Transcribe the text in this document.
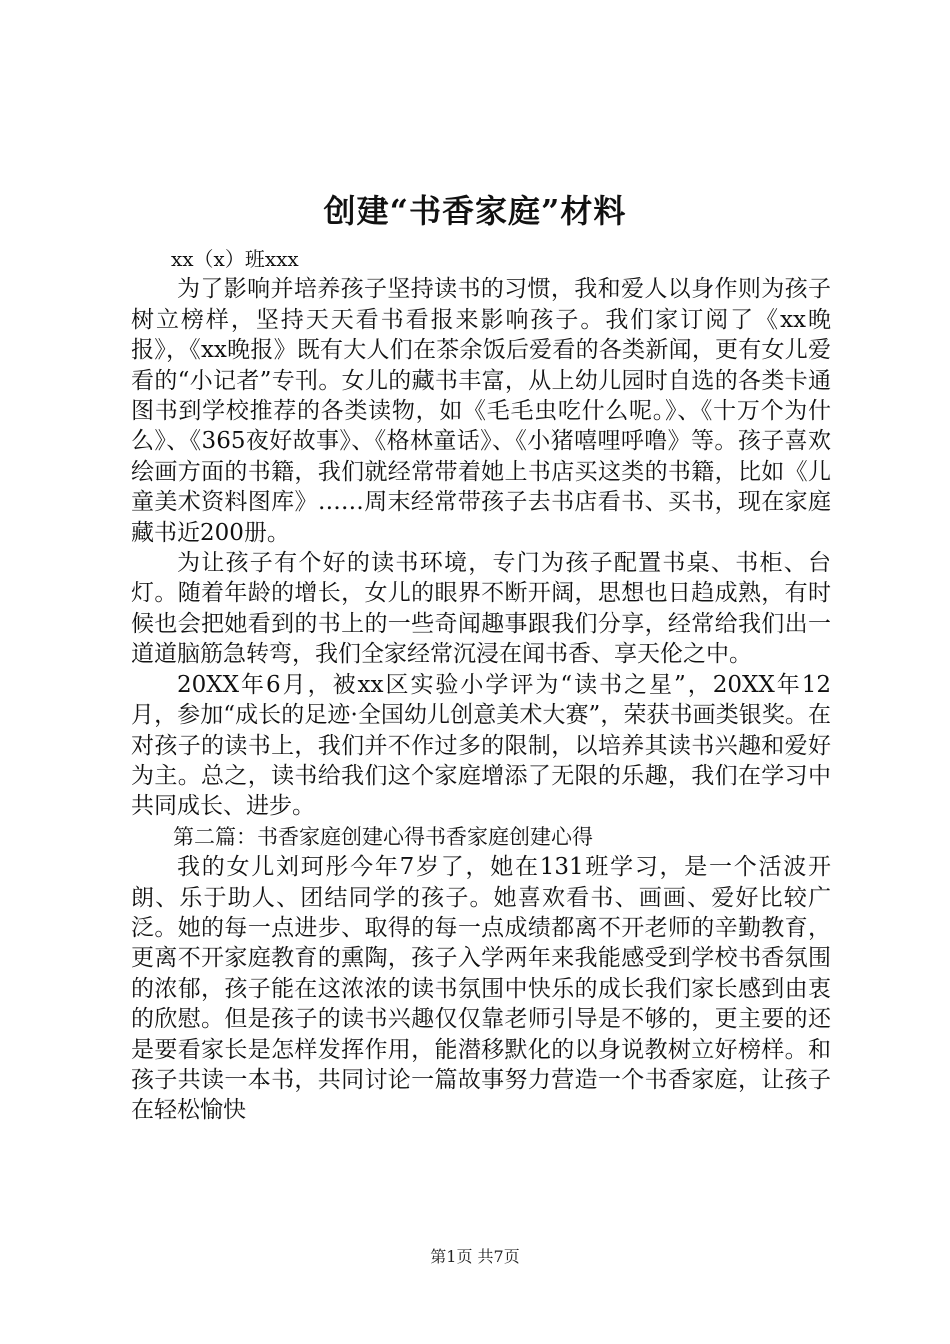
创建“书香家庭”材料

xx（x）班xxx

为了影响并培养孩子坚持读书的习惯，我和爱人以身作则为孩子树立榜样，坚持天天看书看报来影响孩子。我们家订阅了《xx晚报》，《xx晚报》既有大人们在茶余饭后爱看的各类新闻，更有女儿爱看的“小记者”专刊。女儿的藏书丰富，从上幼儿园时自选的各类卡通图书到学校推荐的各类读物，如《毛毛虫吃什么呢。》、《十万个为什么》、《365夜好故事》、《格林童话》、《小猪嘻哩呼噜》等。孩子喜欢绘画方面的书籍，我们就经常带着她上书店买这类的书籍，比如《儿童美术资料图库》……周末经常带孩子去书店看书、买书，现在家庭藏书近200册。

为让孩子有个好的读书环境，专门为孩子配置书桌、书柜、台灯。随着年龄的增长，女儿的眼界不断开阔，思想也日趋成熟，有时候也会把她看到的书上的一些奇闻趣事跟我们分享，经常给我们出一道道脑筋急转弯，我们全家经常沉浸在闻书香、享天伦之中。

20XX年6月，被xx区实验小学评为“读书之星”，20XX年12月，参加“成长的足迹·全国幼儿创意美术大赛”，荣获书画类银奖。在对孩子的读书上，我们并不作过多的限制，以培养其读书兴趣和爱好为主。总之，读书给我们这个家庭增添了无限的乐趣，我们在学习中共同成长、进步。

第二篇：书香家庭创建心得书香家庭创建心得

我的女儿刘珂彤今年7岁了，她在131班学习，是一个活波开朗、乐于助人、团结同学的孩子。她喜欢看书、画画、爱好比较广泛。她的每一点进步、取得的每一点成绩都离不开老师的辛勤教育，更离不开家庭教育的熏陶，孩子入学两年来我能感受到学校书香氛围的浓郁，孩子能在这浓浓的读书氛围中快乐的成长我们家长感到由衷的欣慰。但是孩子的读书兴趣仅仅靠老师引导是不够的，更主要的还是要看家长是怎样发挥作用，能潜移默化的以身说教树立好榜样。和孩子共读一本书，共同讨论一篇故事努力营造一个书香家庭，让孩子在轻松愉快

第1页 共7页
